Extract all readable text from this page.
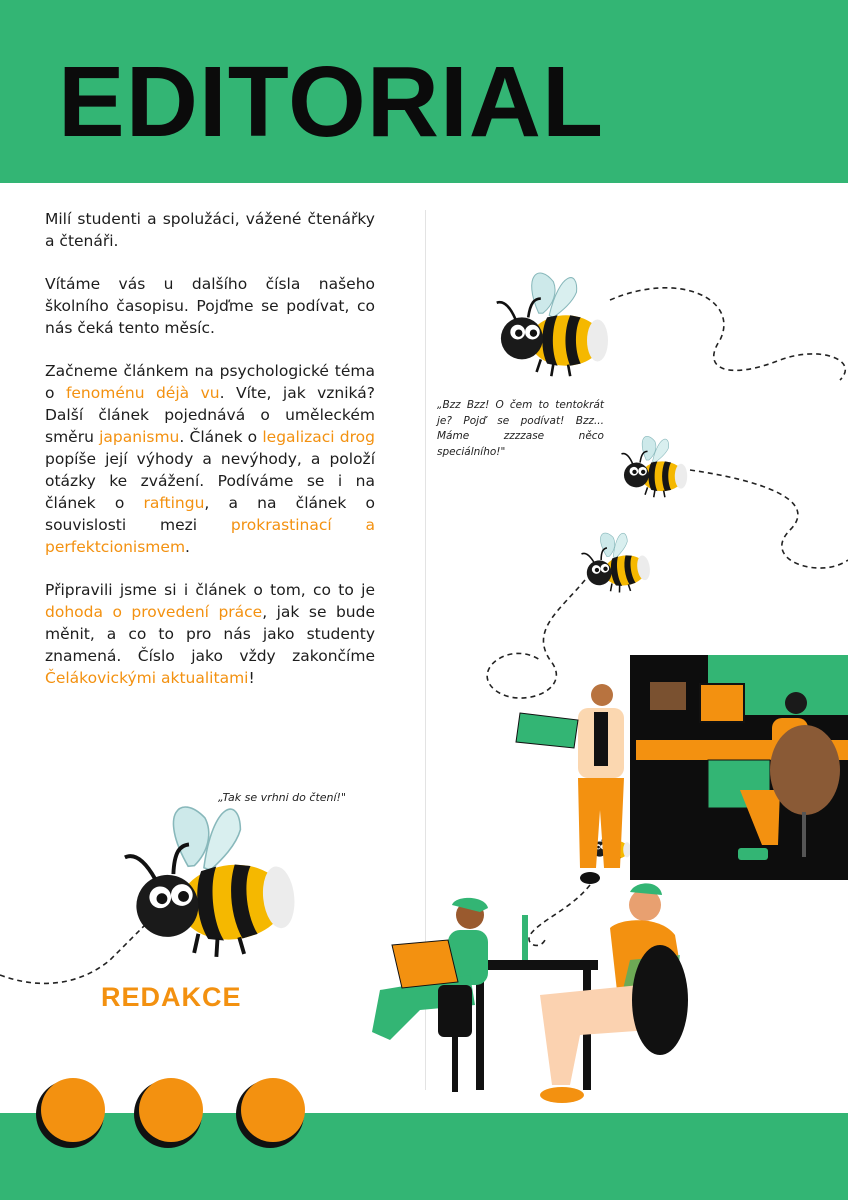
EDITORIAL

Milí studenti a spolužáci, vážené čtenářky a čtenáři.

Vítáme vás u dalšího čísla našeho školního časopisu. Pojďme se podívat, co nás čeká tento měsíc.

Začneme článkem na psychologické téma o fenoménu déjà vu. Víte, jak vzniká? Další článek pojednává o uměleckém směru japanismu. Článek o legalizaci drog popíše její výhody a nevýhody, a položí otázky ke zvážení. Podíváme se i na článek o raftingu, a na článek o souvislosti mezi prokrastinací a perfektcionismem.

Připravili jsme si i článek o tom, co to je dohoda o provedení práce, jak se bude měnit, a co to pro nás jako studenty znamená. Číslo jako vždy zakončíme Čelákovickými aktualitami!

„Bzz Bzz! O čem to tentokrát je? Pojď se podívat! Bzz... Máme zzzzase něco speciálního!"
„Tak se vrhni do čtení!"
REDAKCE
